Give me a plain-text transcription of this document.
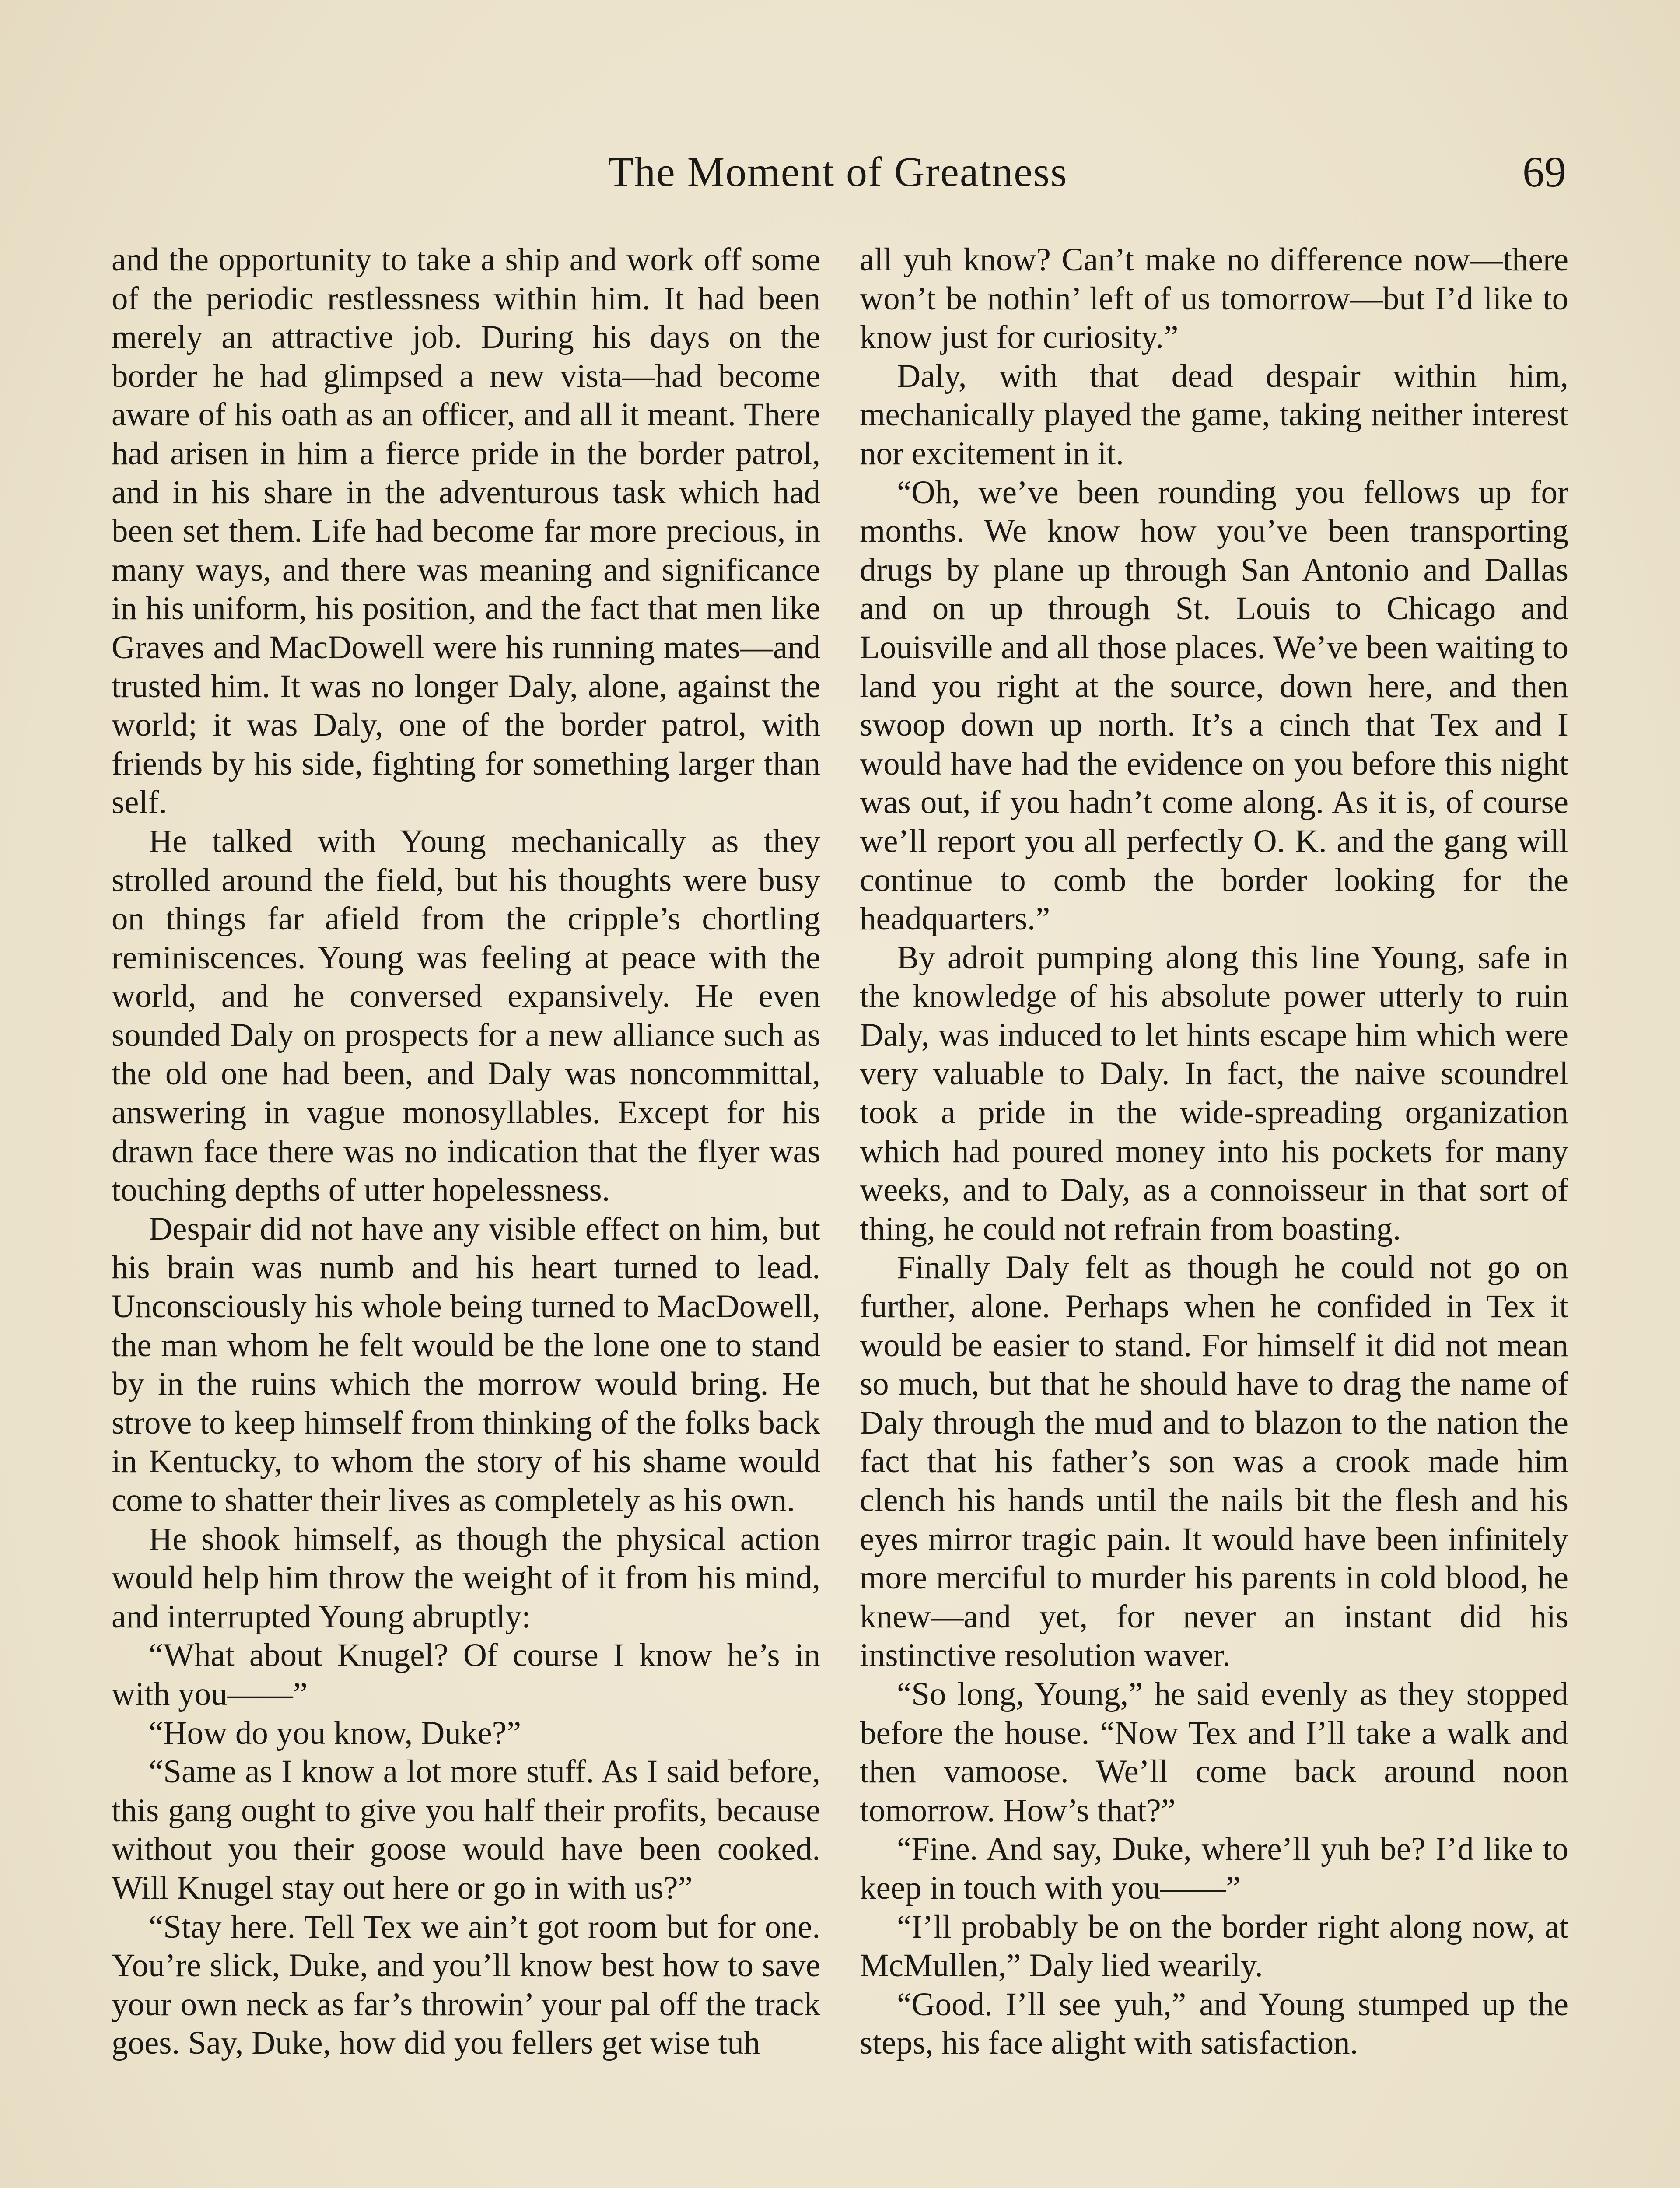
The Moment of Greatness	69

and the opportunity to take a ship and work off some of the periodic restlessness within him. It had been merely an attractive job. During his days on the border he had glimpsed a new vista—had become aware of his oath as an officer, and all it meant. There had arisen in him a fierce pride in the border patrol, and in his share in the adventurous task which had been set them. Life had become far more precious, in many ways, and there was meaning and significance in his uniform, his position, and the fact that men like Graves and MacDowell were his running mates—and trusted him. It was no longer Daly, alone, against the world; it was Daly, one of the border patrol, with friends by his side, fighting for something larger than self.

He talked with Young mechanically as they strolled around the field, but his thoughts were busy on things far afield from the cripple’s chortling reminiscences. Young was feeling at peace with the world, and he conversed expansively. He even sounded Daly on prospects for a new alliance such as the old one had been, and Daly was noncommittal, answering in vague monosyllables. Except for his drawn face there was no indication that the flyer was touching depths of utter hopelessness.

Despair did not have any visible effect on him, but his brain was numb and his heart turned to lead. Unconsciously his whole being turned to MacDowell, the man whom he felt would be the lone one to stand by in the ruins which the morrow would bring. He strove to keep himself from thinking of the folks back in Kentucky, to whom the story of his shame would come to shatter their lives as completely as his own.

He shook himself, as though the physical action would help him throw the weight of it from his mind, and interrupted Young abruptly:

“What about Knugel? Of course I know he’s in with you——”

“How do you know, Duke?”

“Same as I know a lot more stuff. As I said before, this gang ought to give you half their profits, because without you their goose would have been cooked. Will Knugel stay out here or go in with us?”

“Stay here. Tell Tex we ain’t got room but for one. You’re slick, Duke, and you’ll know best how to save your own neck as far’s throwin’ your pal off the track goes. Say, Duke, how did you fellers get wise tuh

all yuh know? Can’t make no difference now—there won’t be nothin’ left of us tomorrow—but I’d like to know just for curiosity.”

Daly, with that dead despair within him, mechanically played the game, taking neither interest nor excitement in it.

“Oh, we’ve been rounding you fellows up for months. We know how you’ve been transporting drugs by plane up through San Antonio and Dallas and on up through St. Louis to Chicago and Louisville and all those places. We’ve been waiting to land you right at the source, down here, and then swoop down up north. It’s a cinch that Tex and I would have had the evidence on you before this night was out, if you hadn’t come along. As it is, of course we’ll report you all perfectly O. K. and the gang will continue to comb the border looking for the headquarters.”

By adroit pumping along this line Young, safe in the knowledge of his absolute power utterly to ruin Daly, was induced to let hints escape him which were very valuable to Daly. In fact, the naive scoundrel took a pride in the wide-spreading organization which had poured money into his pockets for many weeks, and to Daly, as a connoisseur in that sort of thing, he could not refrain from boasting.

Finally Daly felt as though he could not go on further, alone. Perhaps when he confided in Tex it would be easier to stand. For himself it did not mean so much, but that he should have to drag the name of Daly through the mud and to blazon to the nation the fact that his father’s son was a crook made him clench his hands until the nails bit the flesh and his eyes mirror tragic pain. It would have been infinitely more merciful to murder his parents in cold blood, he knew—and yet, for never an instant did his instinctive resolution waver.

“So long, Young,” he said evenly as they stopped before the house. “Now Tex and I’ll take a walk and then vamoose. We’ll come back around noon tomorrow. How’s that?”

“Fine. And say, Duke, where’ll yuh be? I’d like to keep in touch with you——”

“I’ll probably be on the border right along now, at McMullen,” Daly lied wearily.

“Good. I’ll see yuh,” and Young stumped up the steps, his face alight with satisfaction.
